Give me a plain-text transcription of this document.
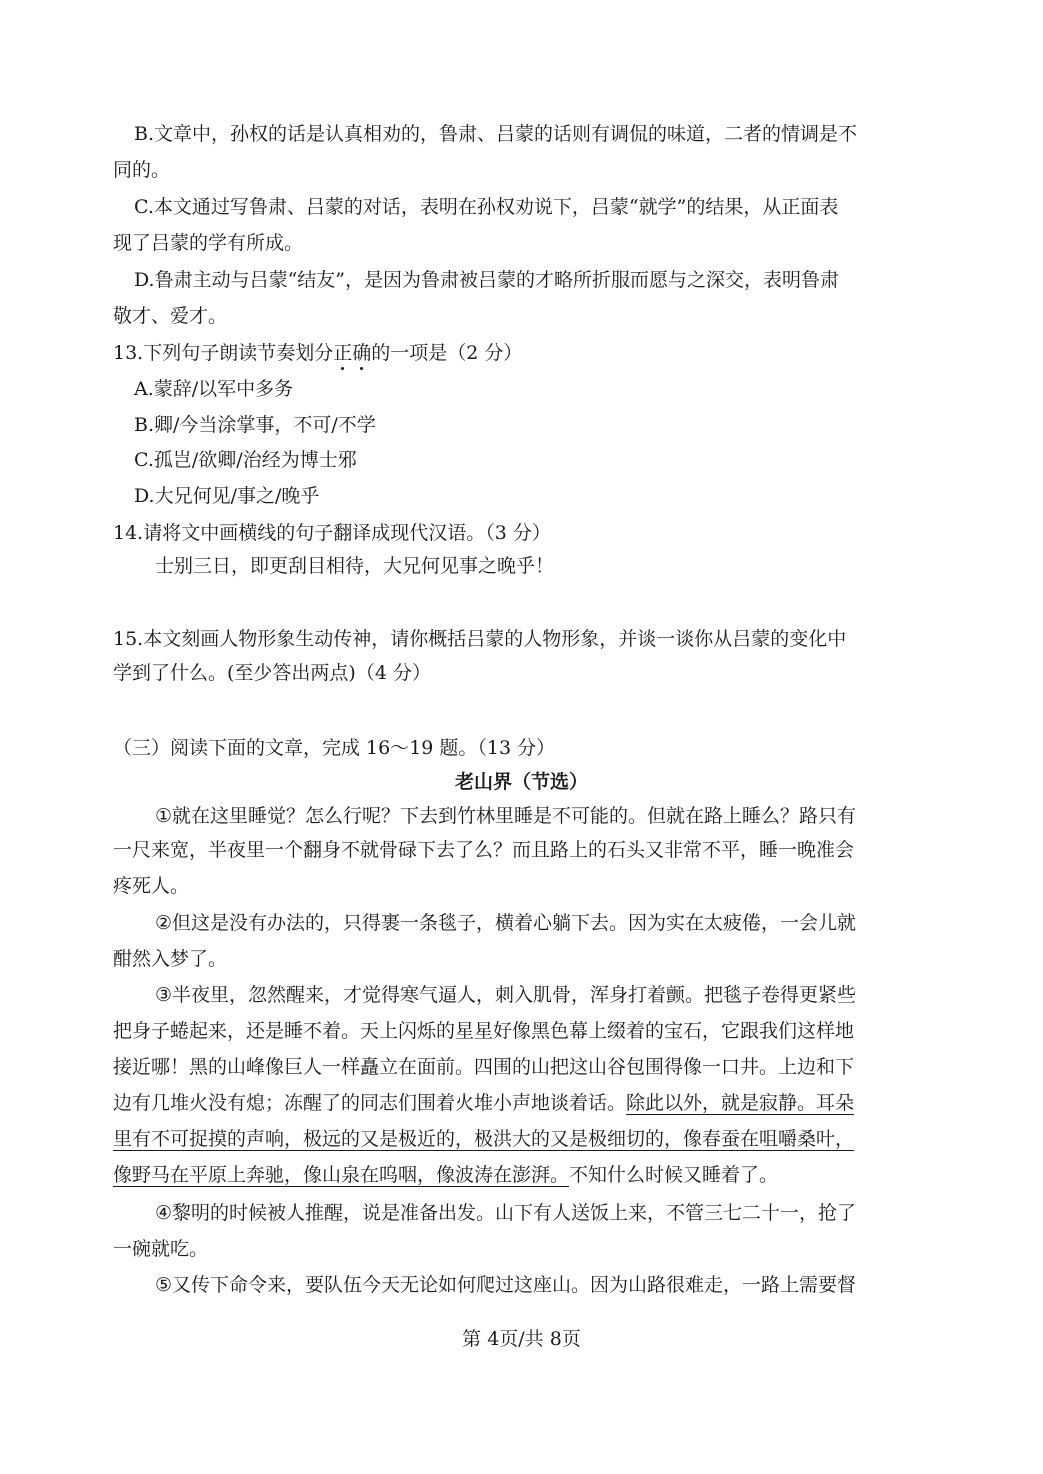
B.文章中，孙权的话是认真相劝的，鲁肃、吕蒙的话则有调侃的味道，二者的情调是不
同的。
C.本文通过写鲁肃、吕蒙的对话，表明在孙权劝说下，吕蒙“就学”的结果，从正面表
现了吕蒙的学有所成。
D.鲁肃主动与吕蒙“结友”，是因为鲁肃被吕蒙的才略所折服而愿与之深交，表明鲁肃
敬才、爱才。
13.下列句子朗读节奏划分正确的一项是（2 分）
A.蒙辞/以军中多务
B.卿/今当涂掌事，不可/不学
C.孤岂/欲卿/治经为博士邪
D.大兄何见/事之/晚乎
14.请将文中画横线的句子翻译成现代汉语。（3 分）
士别三日，即更刮目相待，大兄何见事之晚乎！
15.本文刻画人物形象生动传神，请你概括吕蒙的人物形象，并谈一谈你从吕蒙的变化中
学到了什么。(至少答出两点)（4 分）
（三）阅读下面的文章，完成 16～19 题。（13 分）
老山界（节选）
①就在这里睡觉？怎么行呢？下去到竹林里睡是不可能的。但就在路上睡么？路只有
一尺来宽，半夜里一个翻身不就骨碌下去了么？而且路上的石头又非常不平，睡一晚准会
疼死人。
②但这是没有办法的，只得裹一条毯子，横着心躺下去。因为实在太疲倦，一会儿就
酣然入梦了。
③半夜里，忽然醒来，才觉得寒气逼人，刺入肌骨，浑身打着颤。把毯子卷得更紧些
把身子蜷起来，还是睡不着。天上闪烁的星星好像黑色幕上缀着的宝石，它跟我们这样地
接近哪！黑的山峰像巨人一样矗立在面前。四围的山把这山谷包围得像一口井。上边和下
边有几堆火没有熄；冻醒了的同志们围着火堆小声地谈着话。除此以外，就是寂静。耳朵
里有不可捉摸的声响，极远的又是极近的，极洪大的又是极细切的，像春蚕在咀嚼桑叶，
像野马在平原上奔驰，像山泉在呜咽，像波涛在澎湃。不知什么时候又睡着了。
④黎明的时候被人推醒，说是准备出发。山下有人送饭上来，不管三七二十一，抢了
一碗就吃。
⑤又传下命令来，要队伍今天无论如何爬过这座山。因为山路很难走，一路上需要督
第 4页/共 8页
